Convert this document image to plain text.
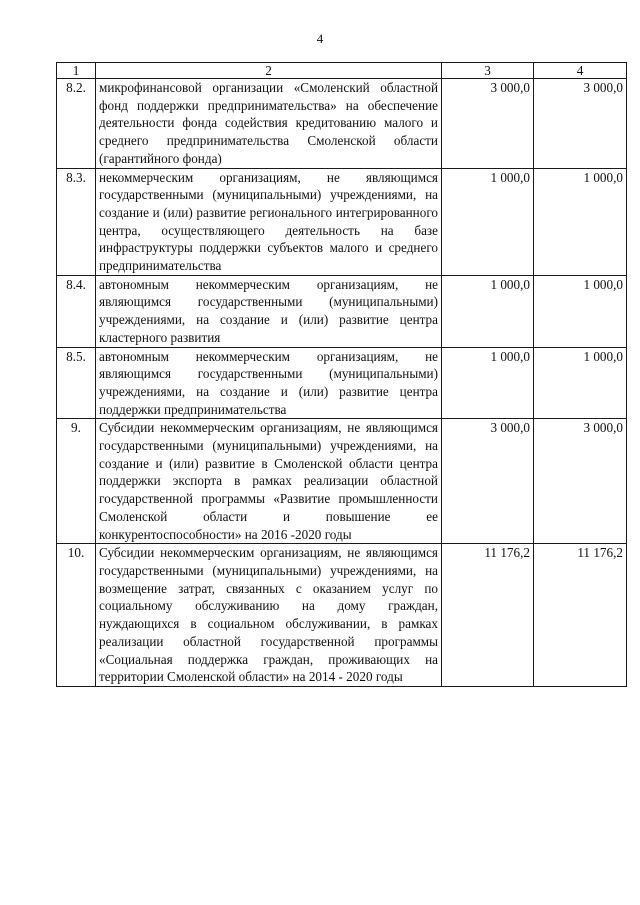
4
1	2	3	4
8.2.	микрофинансовой организации «Смоленский областной фонд поддержки предпринимательства» на обеспечение деятельности фонда содействия кредитованию малого и среднего предпринимательства Смоленской области (гарантийного фонда)	3 000,0	3 000,0
8.3.	некоммерческим организациям, не являющимся государственными (муниципальными) учреждениями, на создание и (или) развитие регионального интегрированного центра, осуществляющего деятельность на базе инфраструктуры поддержки субъектов малого и среднего предпринимательства	1 000,0	1 000,0
8.4.	автономным некоммерческим организациям, не являющимся государственными (муниципальными) учреждениями, на создание и (или) развитие центра кластерного развития	1 000,0	1 000,0
8.5.	автономным некоммерческим организациям, не являющимся государственными (муниципальными) учреждениями, на создание и (или) развитие центра поддержки предпринимательства	1 000,0	1 000,0
9.	Субсидии некоммерческим организациям, не являющимся государственными (муниципальными) учреждениями, на создание и (или) развитие в Смоленской области центра поддержки экспорта в рамках реализации областной государственной программы «Развитие промышленности Смоленской области и повышение ее конкурентоспособности» на 2016 -2020 годы	3 000,0	3 000,0
10.	Субсидии некоммерческим организациям, не являющимся государственными (муниципальными) учреждениями, на возмещение затрат, связанных с оказанием услуг по социальному обслуживанию на дому граждан, нуждающихся в социальном обслуживании, в рамках реализации областной государственной программы «Социальная поддержка граждан, проживающих на территории Смоленской области» на 2014 - 2020 годы	11 176,2	11 176,2
